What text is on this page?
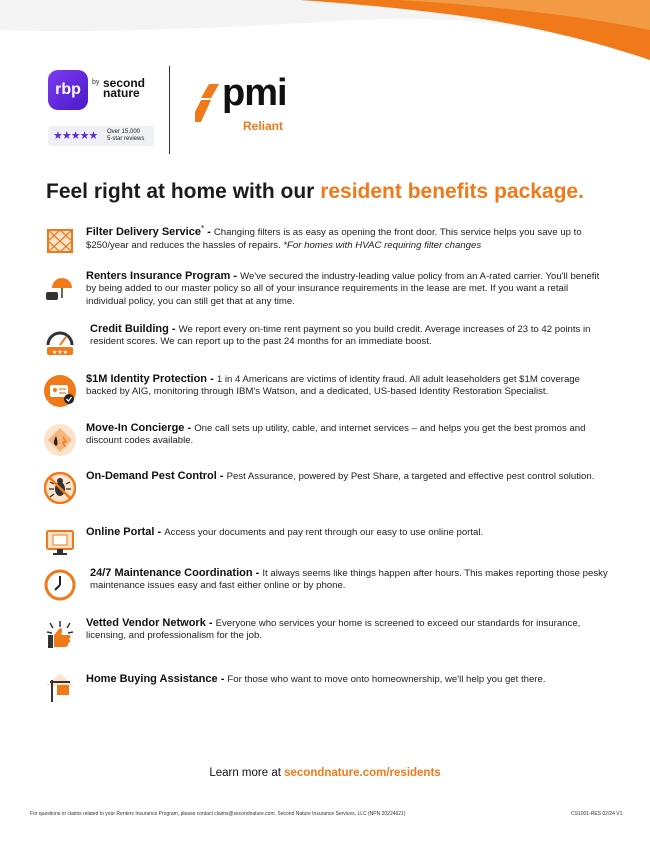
rbp	by second nature
★★★★★ Over 15,000
5-star reviews
pmi
Reliant
Feel right at home with our resident benefits package.
Filter Delivery Service* - Changing filters is as easy as opening the front door. This service helps you save up to $250/year and reduces the hassles of repairs. *For homes with HVAC requiring filter changes
Renters Insurance Program - We've secured the industry-leading value policy from an A-rated carrier. You'll benefit by being added to our master policy so all of your insurance requirements in the lease are met. If you want a retail individual policy, you can still get that at any time.
★★★
Credit Building - We report every on-time rent payment so you build credit. Average increases of 23 to 42 points in resident scores. We can report up to the past 24 months for an immediate boost.
$1M Identity Protection - 1 in 4 Americans are victims of identity fraud. All adult leaseholders get $1M coverage backed by AIG, monitoring through IBM's Watson, and a dedicated, US-based Identity Restoration Specialist.
Move-In Concierge - One call sets up utility, cable, and internet services – and helps you get the best promos and discount codes available.
On-Demand Pest Control - Pest Assurance, powered by Pest Share, a targeted and effective pest control solution.
Online Portal - Access your documents and pay rent through our easy to use online portal.
24/7 Maintenance Coordination - It always seems like things happen after hours. This makes reporting those pesky maintenance issues easy and fast either online or by phone.
Vetted Vendor Network - Everyone who services your home is screened to exceed our standards for insurance, licensing, and professionalism for the job.
Home Buying Assistance - For those who want to move onto homeownership, we'll help you get there.
Learn more at secondnature.com/residents
For questions or claims related to your Renters Insurance Program, please contact claims@secondnature.com. Second Nature Insurance Services, LLC (NPN 20224621)	CS1001-RES 02/24 V1
